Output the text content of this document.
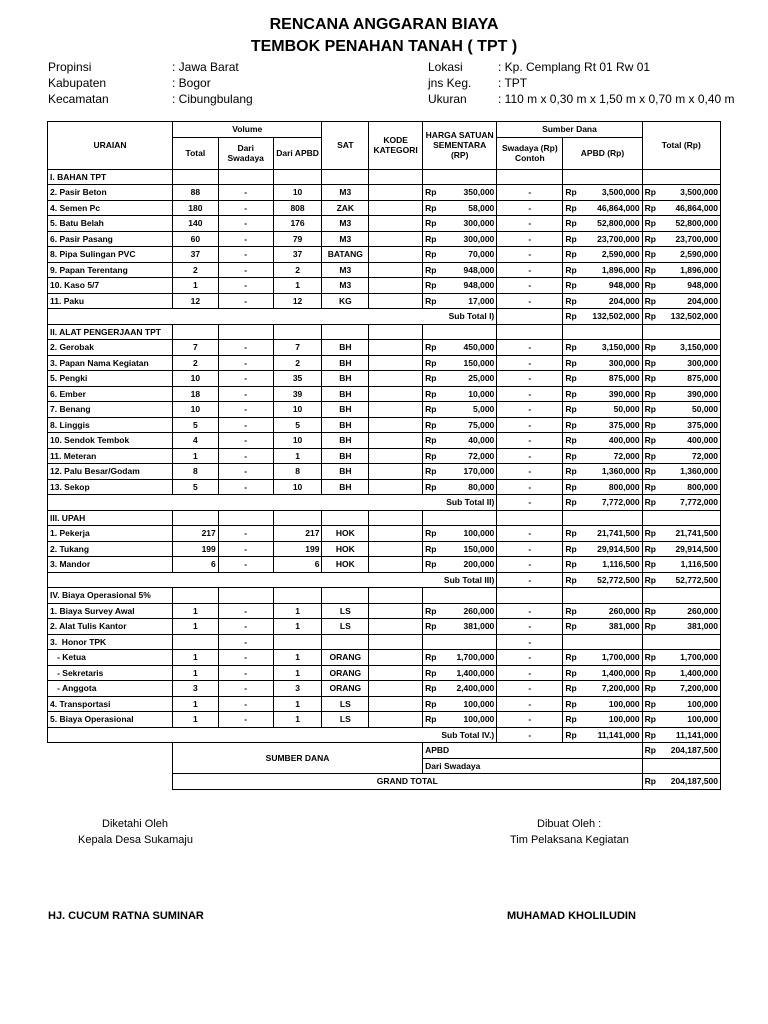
RENCANA ANGGARAN BIAYA
TEMBOK PENAHAN TANAH ( TPT )
Propinsi	: Jawa Barat
Kabupaten	: Bogor
Kecamatan	: Cibungbulang
Lokasi	: Kp. Cemplang Rt 01 Rw 01
jns Keg. : TPT
Ukuran	: 110 m x 0,30 m x 1,50 m x 0,70 m x 0,40 m
URAIAN	Volume			SAT	KODE KATEGORI	HARGA SATUAN SEMENTARA (RP)	Sumber Dana		Total (Rp)
	Total	Dari Swadaya	Dari APBD				Swadaya (Rp) Contoh	APBD (Rp)	

I. BAHAN TPT									
2. Pasir Beton	88	-	10	M3		Rp 350,000	-	Rp 3,500,000	Rp 3,500,000

4. Semen Pc	180	-	808	ZAK		Rp 58,000	-	Rp 46,864,000	Rp 46,864,000

5. Batu Belah	140	-	176	M3		Rp 300,000	-	Rp 52,800,000	Rp 52,800,000

6. Pasir Pasang	60	-	79	M3		Rp 300,000	-	Rp 23,700,000	Rp 23,700,000

8. Pipa Sulingan PVC	37	-	37	BATANG		Rp 70,000	-	Rp 2,590,000	Rp 2,590,000

9. Papan Terentang	2	-	2	M3		Rp 948,000	-	Rp 1,896,000	Rp 1,896,000

10. Kaso 5/7	1	-	1	M3		Rp 948,000	-	Rp 948,000	Rp 948,000

11. Paku	12	-	12	KG		Rp 17,000	-	Rp 204,000	Rp 204,000

Sub Total I)								Rp 132,502,000	Rp 132,502,000

II. ALAT PENGERJAAN TPT									
2. Gerobak	7	-	7	BH		Rp 450,000	-	Rp 3,150,000	Rp 3,150,000

3. Papan Nama Kegiatan	2	-	2	BH		Rp 150,000	-	Rp 300,000	Rp 300,000

5. Pengki	10	-	35	BH		Rp 25,000	-	Rp 875,000	Rp 875,000

6. Ember	18	-	39	BH		Rp 10,000	-	Rp 390,000	Rp 390,000

7. Benang	10	-	10	BH		Rp 5,000	-	Rp 50,000	Rp 50,000

8. Linggis	5	-	5	BH		Rp 75,000	-	Rp 375,000	Rp 375,000

10. Sendok Tembok	4	-	10	BH		Rp 40,000	-	Rp 400,000	Rp 400,000

11. Meteran	1	-	1	BH		Rp 72,000	-	Rp 72,000	Rp 72,000

12. Palu Besar/Godam	8	-	8	BH		Rp 170,000	-	Rp 1,360,000	Rp 1,360,000

13. Sekop	5	-	10	BH		Rp 80,000	-	Rp 800,000	Rp 800,000

Sub Total II)							-	Rp 7,772,000	Rp 7,772,000

III. UPAH									
1. Pekerja	217	-	217	HOK		Rp 100,000	-	Rp 21,741,500	Rp 21,741,500

2. Tukang	199	-	199	HOK		Rp 150,000	-	Rp 29,914,500	Rp 29,914,500

3. Mandor	6	-	6	HOK		Rp 200,000	-	Rp 1,116,500	Rp 1,116,500

Sub Total III)							-	Rp 52,772,500	Rp 52,772,500

IV. Biaya Operasional 5%									
1. Biaya Survey Awal	1	-	1	LS		Rp 260,000	-	Rp 260,000	Rp 260,000

2. Alat Tulis Kantor	1	-	1	LS		Rp 381,000	-	Rp 381,000	Rp 381,000

3.  Honor TPK		-					-		
- Ketua	1	-	1	ORANG		Rp 1,700,000	-	Rp 1,700,000	Rp 1,700,000

- Sekretaris	1	-	1	ORANG		Rp 1,400,000	-	Rp 1,400,000	Rp 1,400,000

- Anggota	3	-	3	ORANG		Rp 2,400,000	-	Rp 7,200,000	Rp 7,200,000

4. Transportasi	1	-	1	LS		Rp 100,000	-	Rp 100,000	Rp 100,000

5. Biaya Operasional	1	-	1	LS		Rp 100,000	-	Rp 100,000	Rp 100,000

Sub Total IV.)							-	Rp 11,141,000	Rp 11,141,000

	SUMBER DANA					APBD			Rp 204,187,500

						Dari Swadaya			
	GRAND TOTAL								Rp 204,187,500
Diketahi Oleh
Kepala Desa Sukamaju
HJ. CUCUM RATNA SUMINAR
Dibuat Oleh :
Tim Pelaksana Kegiatan
MUHAMAD KHOLILUDIN
